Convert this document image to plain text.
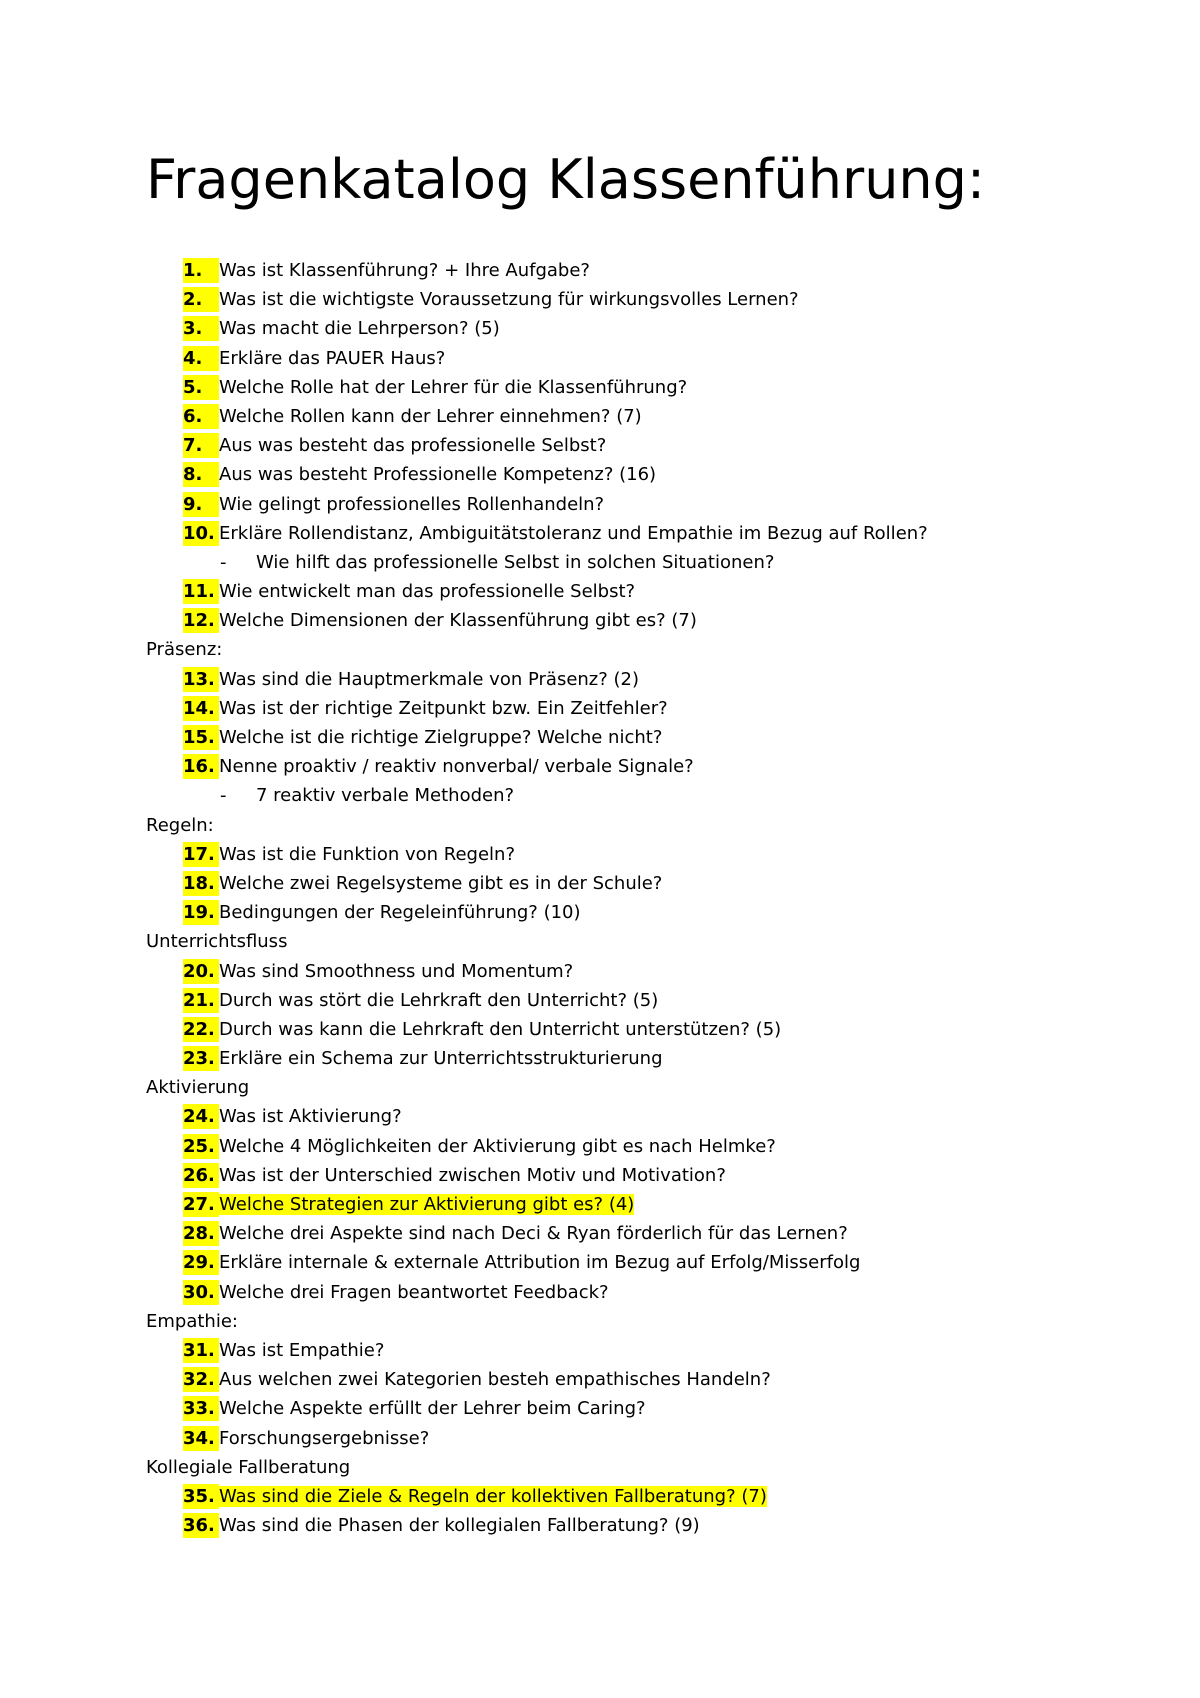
Fragenkatalog Klassenführung:
1. Was ist Klassenführung? + Ihre Aufgabe?
2. Was ist die wichtigste Voraussetzung für wirkungsvolles Lernen?
3. Was macht die Lehrperson? (5)
4. Erkläre das PAUER Haus?
5. Welche Rolle hat der Lehrer für die Klassenführung?
6. Welche Rollen kann der Lehrer einnehmen? (7)
7. Aus was besteht das professionelle Selbst?
8. Aus was besteht Professionelle Kompetenz? (16)
9. Wie gelingt professionelles Rollenhandeln?
10. Erkläre Rollendistanz, Ambiguitätstoleranz und Empathie im Bezug auf Rollen?
- Wie hilft das professionelle Selbst in solchen Situationen?
11. Wie entwickelt man das professionelle Selbst?
12. Welche Dimensionen der Klassenführung gibt es? (7)
Präsenz:
13. Was sind die Hauptmerkmale von Präsenz? (2)
14. Was ist der richtige Zeitpunkt bzw. Ein Zeitfehler?
15. Welche ist die richtige Zielgruppe? Welche nicht?
16. Nenne proaktiv / reaktiv nonverbal/ verbale Signale?
- 7 reaktiv verbale Methoden?
Regeln:
17. Was ist die Funktion von Regeln?
18. Welche zwei Regelsysteme gibt es in der Schule?
19. Bedingungen der Regeleinführung? (10)
Unterrichtsfluss
20. Was sind Smoothness und Momentum?
21. Durch was stört die Lehrkraft den Unterricht? (5)
22. Durch was kann die Lehrkraft den Unterricht unterstützen? (5)
23. Erkläre ein Schema zur Unterrichtsstrukturierung
Aktivierung
24. Was ist Aktivierung?
25. Welche 4 Möglichkeiten der Aktivierung gibt es nach Helmke?
26. Was ist der Unterschied zwischen Motiv und Motivation?
27. Welche Strategien zur Aktivierung gibt es? (4)
28. Welche drei Aspekte sind nach Deci & Ryan förderlich für das Lernen?
29. Erkläre internale & externale Attribution im Bezug auf Erfolg/Misserfolg
30. Welche drei Fragen beantwortet Feedback?
Empathie:
31. Was ist Empathie?
32. Aus welchen zwei Kategorien besteh empathisches Handeln?
33. Welche Aspekte erfüllt der Lehrer beim Caring?
34. Forschungsergebnisse?
Kollegiale Fallberatung
35. Was sind die Ziele & Regeln der kollektiven Fallberatung? (7)
36. Was sind die Phasen der kollegialen Fallberatung? (9)
